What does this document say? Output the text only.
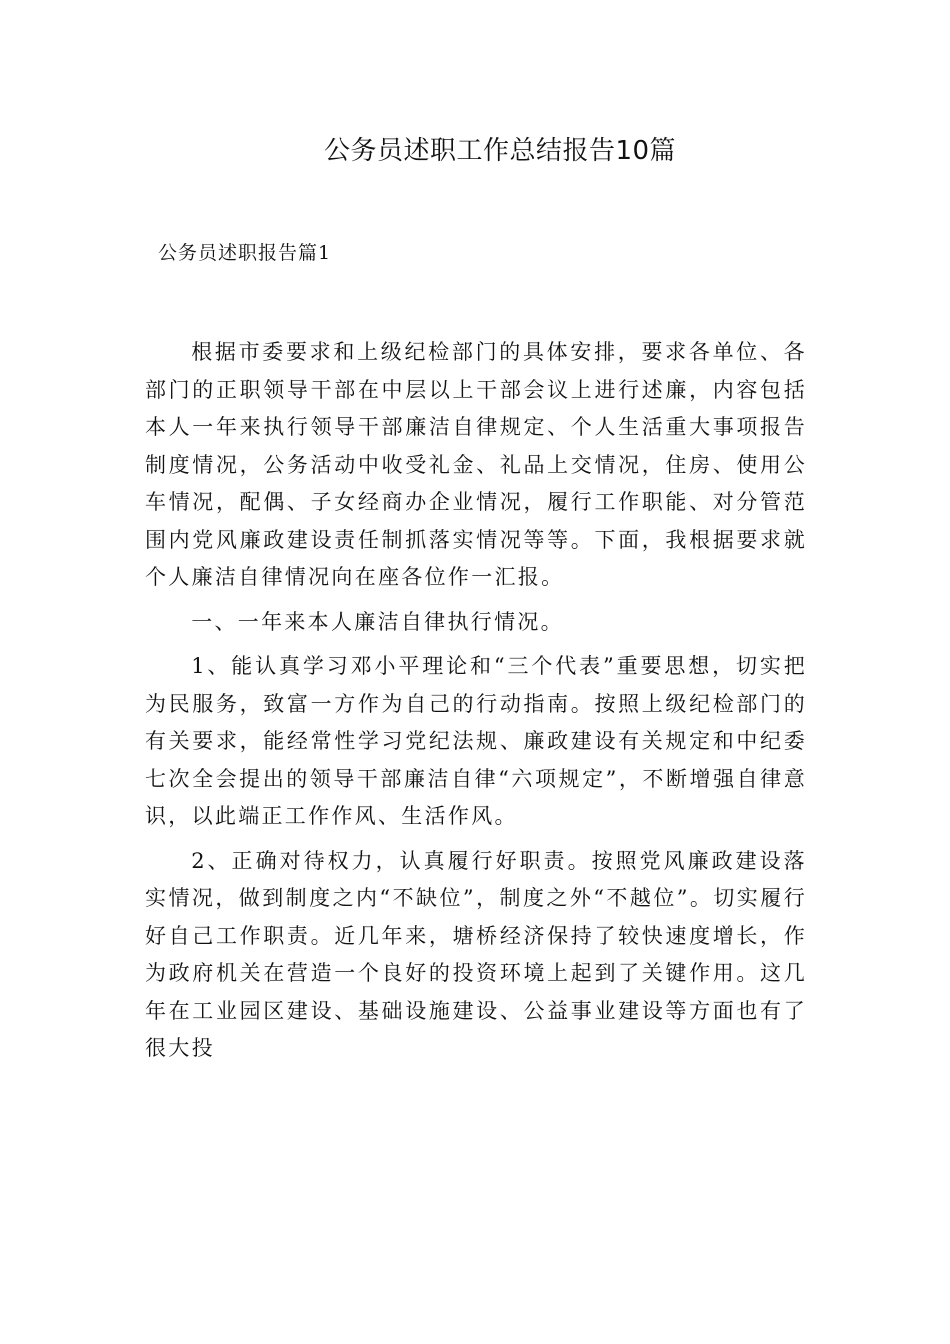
公务员述职工作总结报告10篇
公务员述职报告篇1

根据市委要求和上级纪检部门的具体安排，要求各单位、各部门的正职领导干部在中层以上干部会议上进行述廉，内容包括本人一年来执行领导干部廉洁自律规定、个人生活重大事项报告制度情况，公务活动中收受礼金、礼品上交情况，住房、使用公车情况，配偶、子女经商办企业情况，履行工作职能、对分管范围内党风廉政建设责任制抓落实情况等等。下面，我根据要求就个人廉洁自律情况向在座各位作一汇报。

一、一年来本人廉洁自律执行情况。

1、能认真学习邓小平理论和“三个代表”重要思想，切实把为民服务，致富一方作为自己的行动指南。按照上级纪检部门的有关要求，能经常性学习党纪法规、廉政建设有关规定和中纪委七次全会提出的领导干部廉洁自律“六项规定”，不断增强自律意识，以此端正工作作风、生活作风。

2、正确对待权力，认真履行好职责。按照党风廉政建设落实情况，做到制度之内“不缺位”，制度之外“不越位”。切实履行好自己工作职责。近几年来，塘桥经济保持了较快速度增长，作为政府机关在营造一个良好的投资环境上起到了关键作用。这几年在工业园区建设、基础设施建设、公益事业建设等方面也有了很大投
